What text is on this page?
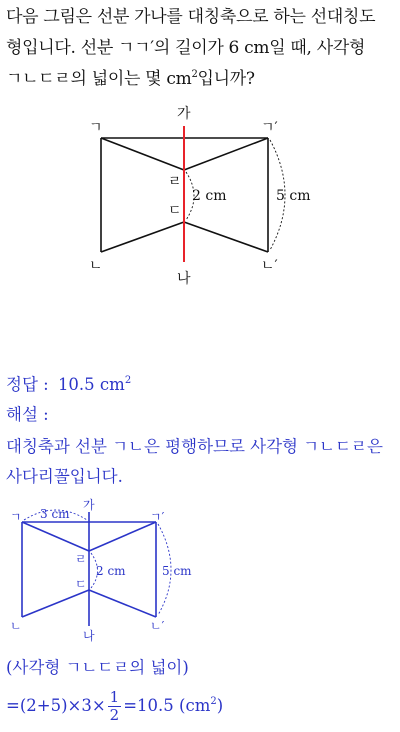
다음 그림은 선분 가나를 대칭축으로 하는 선대칭도
형입니다. 선분 ㄱㄱ′의 길이가 6 cm일 때, 사각형
ㄱㄴㄷㄹ의 넓이는 몇 $cm^2$입니까?
가
나
ㄱ	ㄱ′
ㄴ	ㄴ′
ㄹ
ㄷ
2 cm	5 cm
정답 : 10.5 $cm^2$
해설 :
대칭축과 선분 ㄱㄴ은 평행하므로 사각형 ㄱㄴㄷㄹ은
사다리꼴입니다.
가
나
ㄱ	ㄱ′
ㄴ	ㄴ′
ㄹ
ㄷ
3 cm
2 cm	5 cm
(사각형 ㄱㄴㄷㄹ의 넓이)
$=(2+5)\times 3\times \frac{1}{2} =10.5$ $(cm^2)$
